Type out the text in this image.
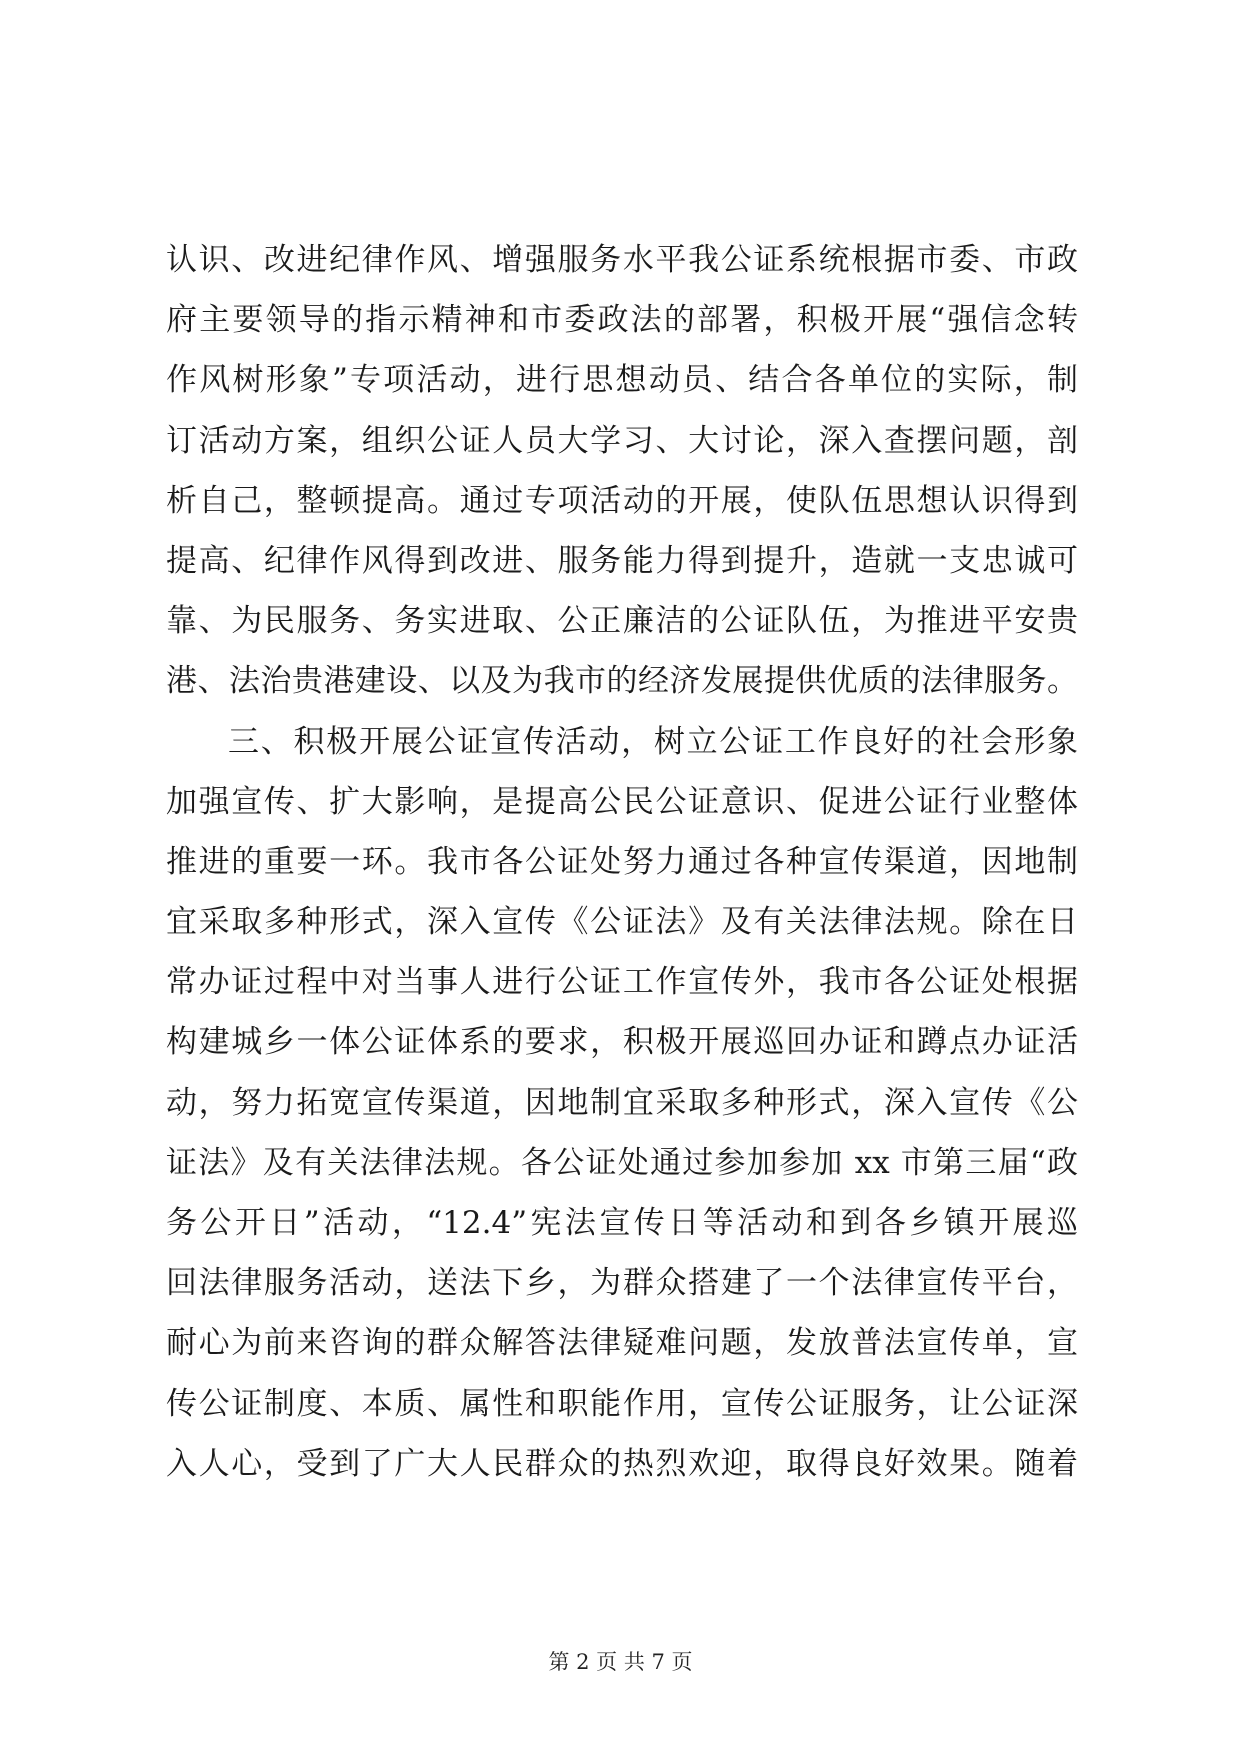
认识、改进纪律作风、增强服务水平我公证系统根据市委、市政
府主要领导的指示精神和市委政法的部署，积极开展“强信念转
作风树形象”专项活动，进行思想动员、结合各单位的实际，制
订活动方案，组织公证人员大学习、大讨论，深入查摆问题，剖
析自己，整顿提高。通过专项活动的开展，使队伍思想认识得到
提高、纪律作风得到改进、服务能力得到提升，造就一支忠诚可
靠、为民服务、务实进取、公正廉洁的公证队伍，为推进平安贵
港、法治贵港建设、以及为我市的经济发展提供优质的法律服务。
三、积极开展公证宣传活动，树立公证工作良好的社会形象
加强宣传、扩大影响，是提高公民公证意识、促进公证行业整体
推进的重要一环。我市各公证处努力通过各种宣传渠道，因地制
宜采取多种形式，深入宣传《公证法》及有关法律法规。除在日
常办证过程中对当事人进行公证工作宣传外，我市各公证处根据
构建城乡一体公证体系的要求，积极开展巡回办证和蹲点办证活
动，努力拓宽宣传渠道，因地制宜采取多种形式，深入宣传《公
证法》及有关法律法规。各公证处通过参加参加 xx 市第三届“政
务公开日”活动，“12.4”宪法宣传日等活动和到各乡镇开展巡
回法律服务活动，送法下乡，为群众搭建了一个法律宣传平台，
耐心为前来咨询的群众解答法律疑难问题，发放普法宣传单，宣
传公证制度、本质、属性和职能作用，宣传公证服务，让公证深
入人心，受到了广大人民群众的热烈欢迎，取得良好效果。随着
第 2 页 共 7 页
